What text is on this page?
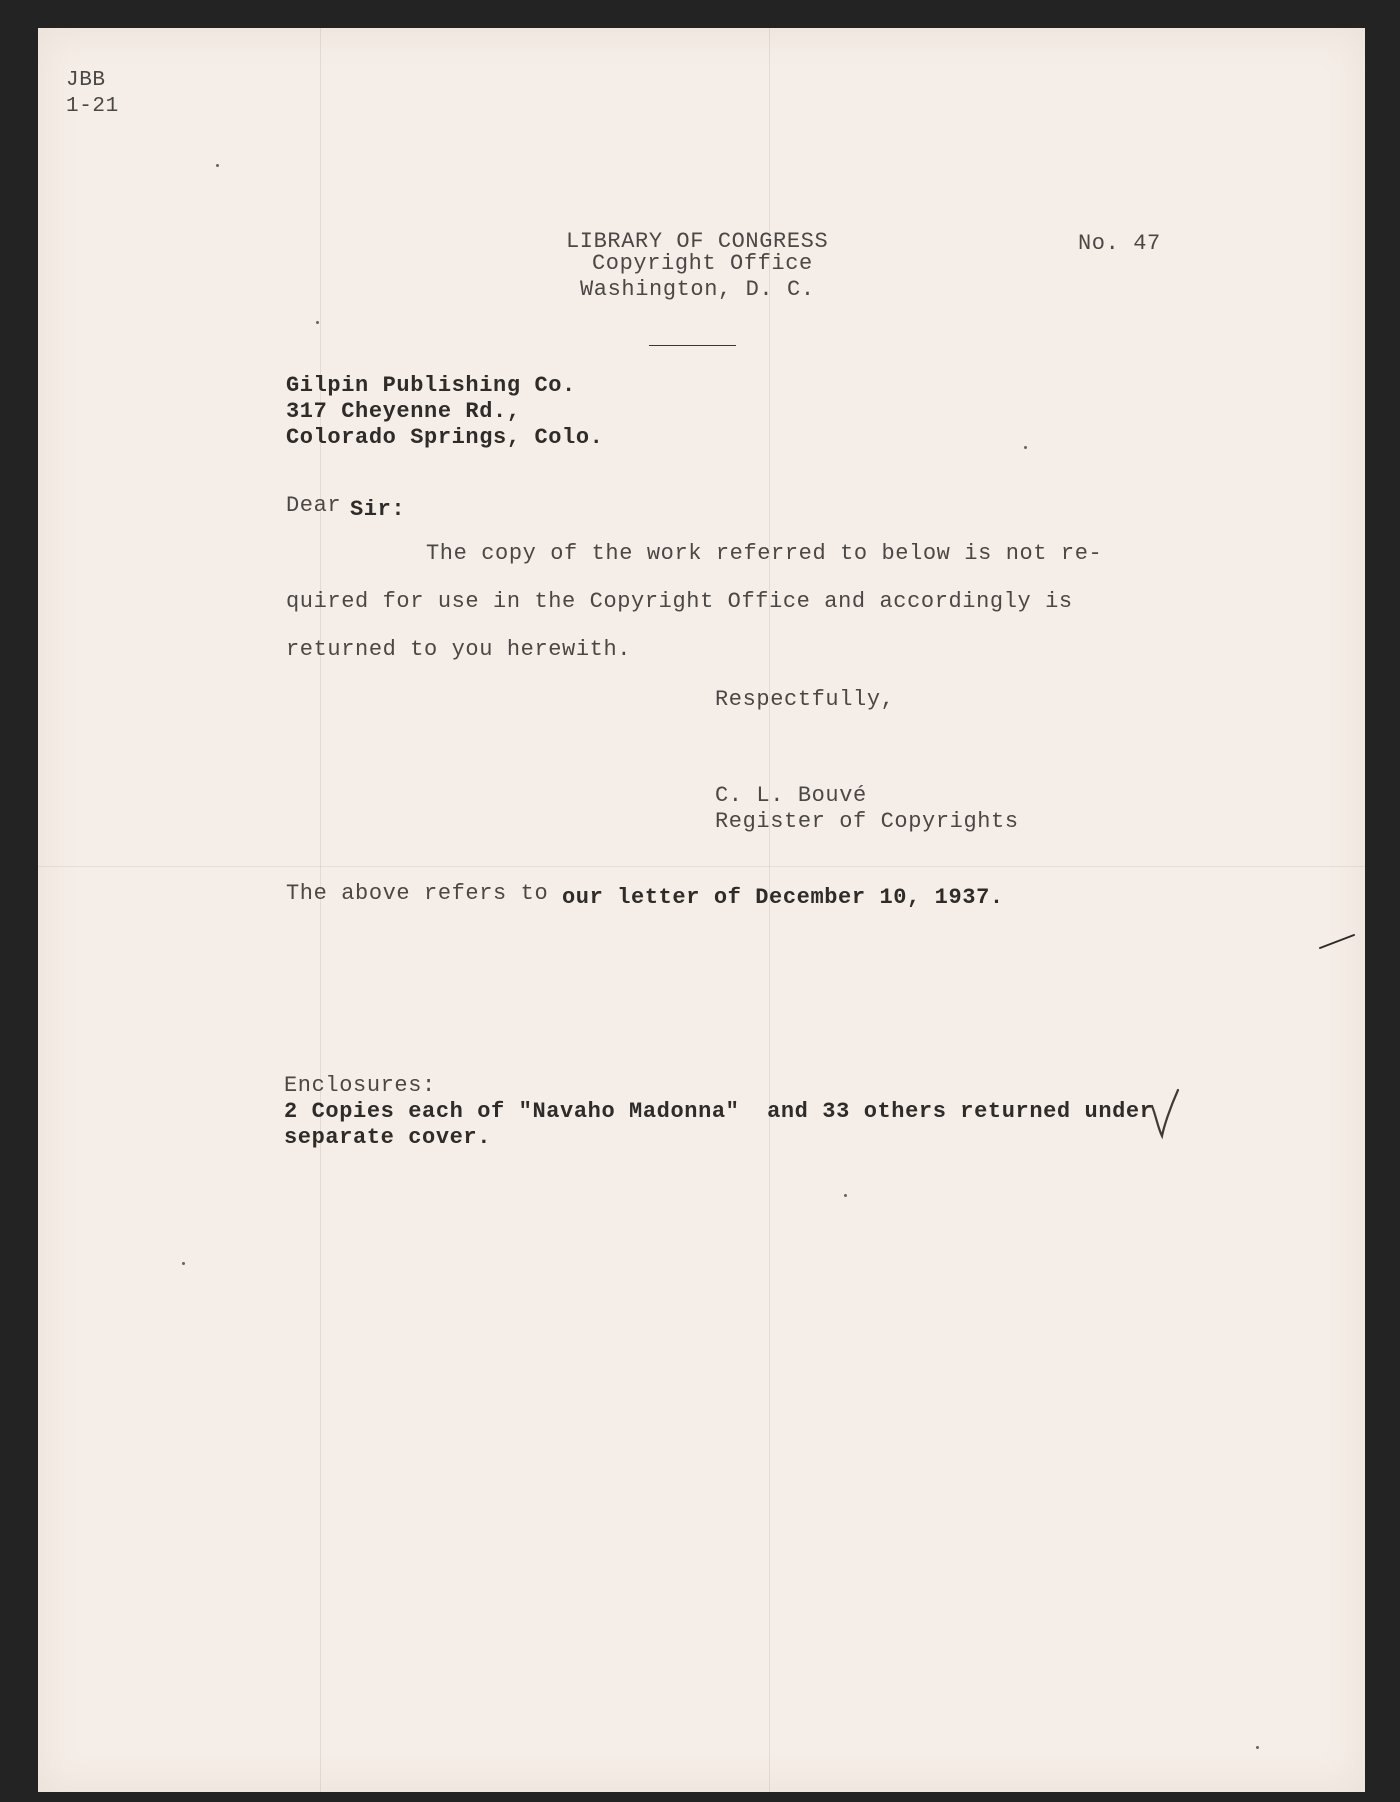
JBB
1-21
LIBRARY OF CONGRESS
Copyright Office
Washington, D. C.
No. 47
Gilpin Publishing Co.
317 Cheyenne Rd.,
Colorado Springs, Colo.
Dear Sir:
The copy of the work referred to below is not re-
quired for use in the Copyright Office and accordingly is
returned to you herewith.
Respectfully,
C. L. Bouvé
Register of Copyrights
The above refers to our letter of December 10, 1937.
Enclosures:
2 Copies each of "Navaho Madonna"  and 33 others returned under
separate cover.
